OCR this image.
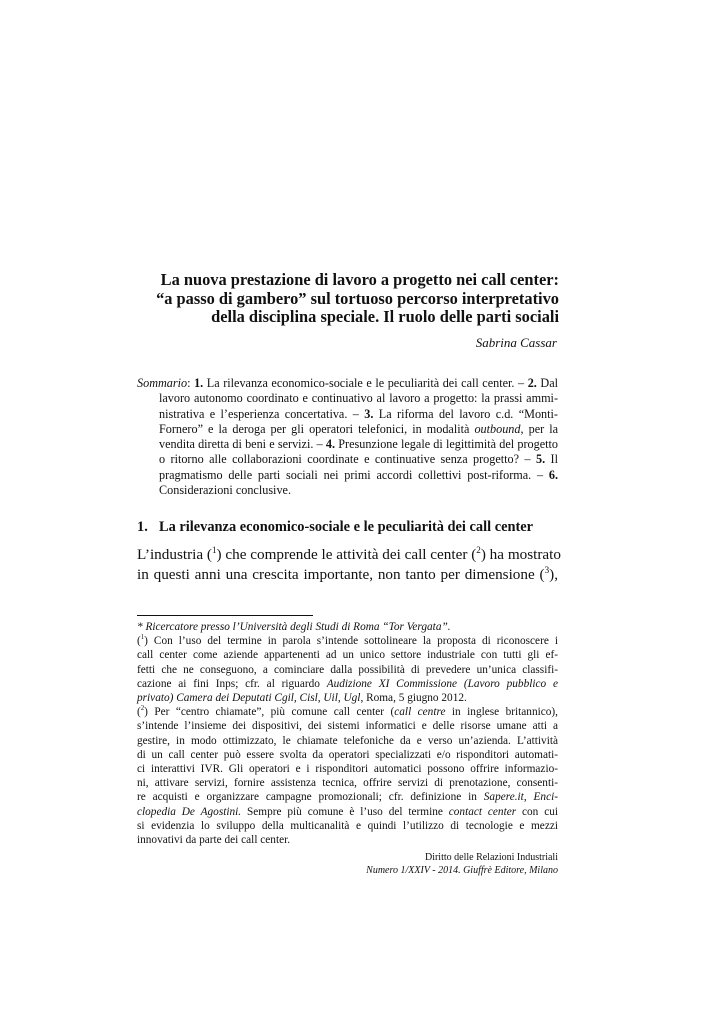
La nuova prestazione di lavoro a progetto nei call center:
“a passo di gambero” sul tortuoso percorso interpretativo
della disciplina speciale. Il ruolo delle parti sociali
Sabrina Cassar
Sommario: 1. La rilevanza economico-sociale e le peculiarità dei call center. – 2. Dal
lavoro autonomo coordinato e continuativo al lavoro a progetto: la prassi ammi-
nistrativa e l’esperienza concertativa. – 3. La riforma del lavoro c.d. “Monti-
Fornero” e la deroga per gli operatori telefonici, in modalità outbound, per la
vendita diretta di beni e servizi. – 4. Presunzione legale di legittimità del progetto
o ritorno alle collaborazioni coordinate e continuative senza progetto? – 5. Il
pragmatismo delle parti sociali nei primi accordi collettivi post-riforma. – 6.
Considerazioni conclusive.
1. La rilevanza economico-sociale e le peculiarità dei call center
L’industria ($^1$) che comprende le attività dei call center ($^2$) ha mostrato
in questi anni una crescita importante, non tanto per dimensione ($^3$),
* Ricercatore presso l’Università degli Studi di Roma “Tor Vergata”.
($^1$) Con l’uso del termine in parola s’intende sottolineare la proposta di riconoscere i
call center come aziende appartenenti ad un unico settore industriale con tutti gli ef-
fetti che ne conseguono, a cominciare dalla possibilità di prevedere un’unica classifi-
cazione ai fini Inps; cfr. al riguardo Audizione XI Commissione (Lavoro pubblico e
privato) Camera dei Deputati Cgil, Cisl, Uil, Ugl, Roma, 5 giugno 2012.
($^2$) Per “centro chiamate”, più comune call center (call centre in inglese britannico),
s’intende l’insieme dei dispositivi, dei sistemi informatici e delle risorse umane atti a
gestire, in modo ottimizzato, le chiamate telefoniche da e verso un’azienda. L’attività
di un call center può essere svolta da operatori specializzati e/o risponditori automati-
ci interattivi IVR. Gli operatori e i risponditori automatici possono offrire informazio-
ni, attivare servizi, fornire assistenza tecnica, offrire servizi di prenotazione, consenti-
re acquisti e organizzare campagne promozionali; cfr. definizione in Sapere.it, Enci-
clopedia De Agostini. Sempre più comune è l’uso del termine contact center con cui
si evidenzia lo sviluppo della multicanalità e quindi l’utilizzo di tecnologie e mezzi
innovativi da parte dei call center.
Diritto delle Relazioni Industriali
Numero 1/XXIV - 2014. Giuffrè Editore, Milano
